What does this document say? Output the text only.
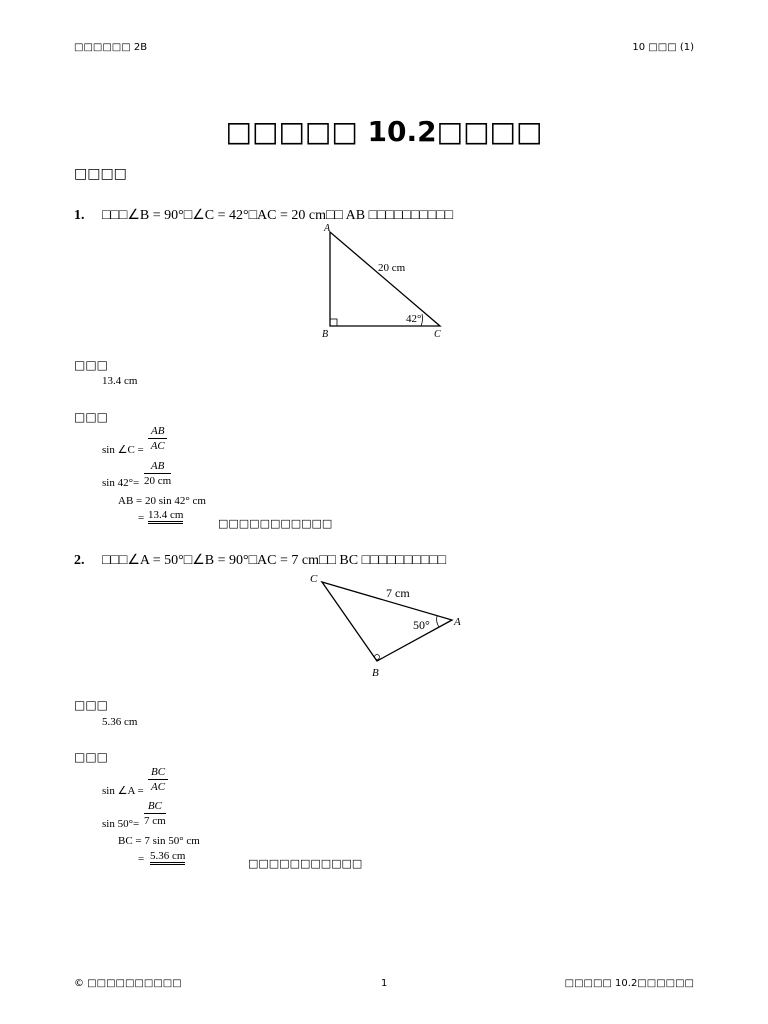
□□□□□□ 2B	10 □□□ (1)
□□□□□ 10.2□□□□
□□□□
1. □□□∠B = 90°□∠C = 42°□AC = 20 cm□□ AB □□□□□□□□□□
A
B	C
20 cm
42°
□□□
13.4 cm
□□□
sin ∠C = $\frac{AB}{AC}$
$\sin 42^\circ= \frac{AB}{20 cm}$
AB = 20 sin 42° cm
= 13.4 cm
□□□□□□□□□□□
2. □□□∠A = 50°□∠B = 90°□AC = 7 cm□□ BC □□□□□□□□□□
C
A
B
7 cm
50°
□□□
5.36 cm
□□□
sin ∠A = $\frac{BC}{AC}$
$\sin 50^\circ= \frac{BC}{7 cm}$
BC = 7 sin 50° cm
= 5.36 cm
□□□□□□□□□□□
© □□□□□□□□□□	1	□□□□□ 10.2□□□□□□
